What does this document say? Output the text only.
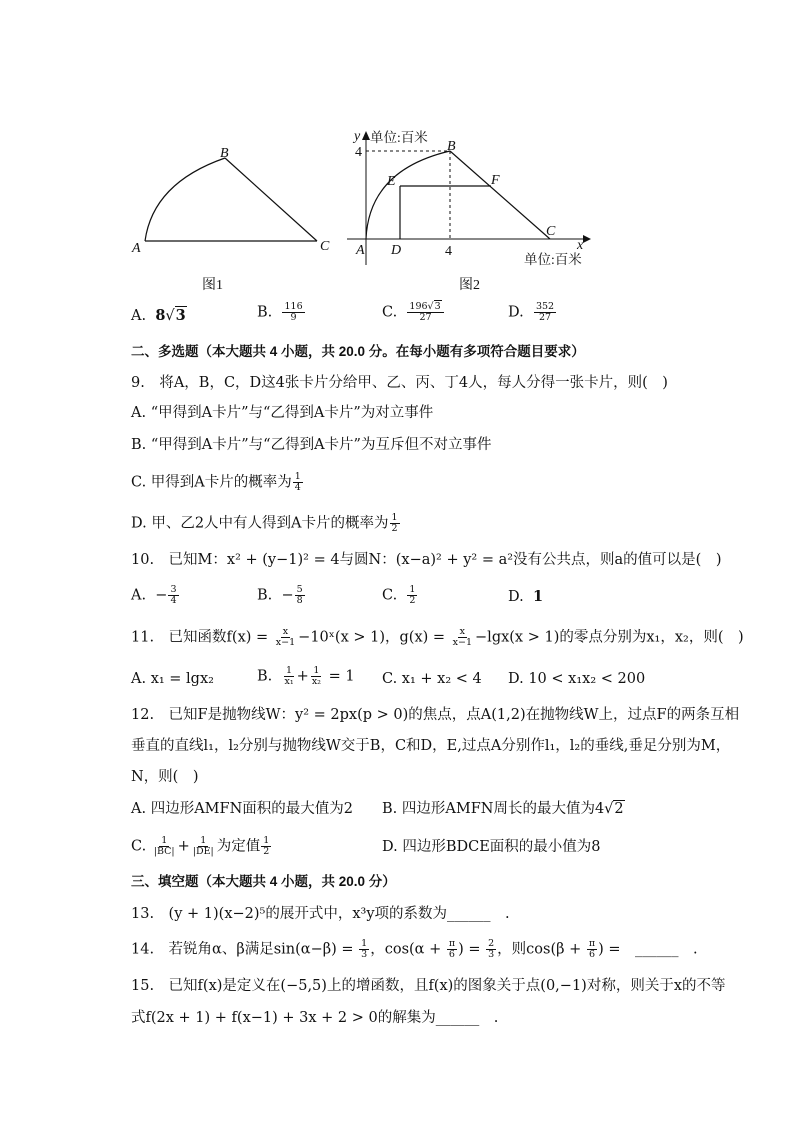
A
B
C
图1
y 单位:百米
4	B
E	F
A D	4
C
x
单位:百米
图2
A. 8√3	B. $\frac{116}{9}$	C. $\frac{196√3}{27}$	D. $\frac{352}{27}$
二、多选题（本大题共 4 小题，共 20.0 分。在每小题有多项符合题目要求）
9.　将A，B，C，D这4张卡片分给甲、乙、丙、丁4人，每人分得一张卡片，则(　)
A. “甲得到A卡片”与“乙得到A卡片”为对立事件
B. “甲得到A卡片”与“乙得到A卡片”为互斥但不对立事件
C. 甲得到A卡片的概率为 $\frac{1}{4}$
D. 甲、乙2人中有人得到A卡片的概率为 $\frac{1}{2}$
10.　已知M：x² + (y−1)² = 4与圆N：(x−a)² + y² = a²没有公共点，则a的值可以是(　)
A.  − $\frac{3}{4}$	B.  − $\frac{5}{8}$	C. $\frac{1}{2}$	D. 1
11.　已知函数$f(x) = \frac{x}{x-1}$ −10ˣ(x > 1)，$g(x) = \frac{x}{x-1} -\lg x(x > 1)$的零点分别为x₁，x₂，则(　)
A. x₁ = lgx₂	B. $\frac{1}{\text{x₁}} + \frac{1}{\text{x₂}} = 1$ C. x₁ + x₂ < 4 D. 10 < x₁x₂ < 200
12.　已知F是抛物线W：y² = 2px(p > 0)的焦点，点A(1,2)在抛物线W上，过点F的两条互相
垂直的直线l₁，l₂分别与抛物线W交于B，C和D，E,过点A分别作l₁，l₂的垂线,垂足分别为M，
N，则(　)
A. 四边形AMFN面积的最大值为2 B. 四边形AMFN周长的最大值为4√2
C. $\frac{1}{|BC|} + \frac{1}{|DE|}$ 为定值 $\frac{1}{2}$	D. 四边形BDCE面积的最小值为8
三、填空题（本大题共 4 小题，共 20.0 分）
13.　(y + 1)(x−2)⁵的展开式中，x³y项的系数为______　.
14.　若锐角α、β满足$\sin(\alpha-\beta) = \frac{1}{3}$ ，$\cos(\alpha + \frac{\pi}{6}$ ) = $\frac{2}{3}$ ，则$\cos(\beta + \frac{\pi}{6}$ ) =　______　.
15.　已知f(x)是定义在(−5,5)上的增函数，且f(x)的图象关于点(0,−1)对称，则关于x的不等
式f(2x + 1) + f(x−1) + 3x + 2 > 0的解集为______　.
